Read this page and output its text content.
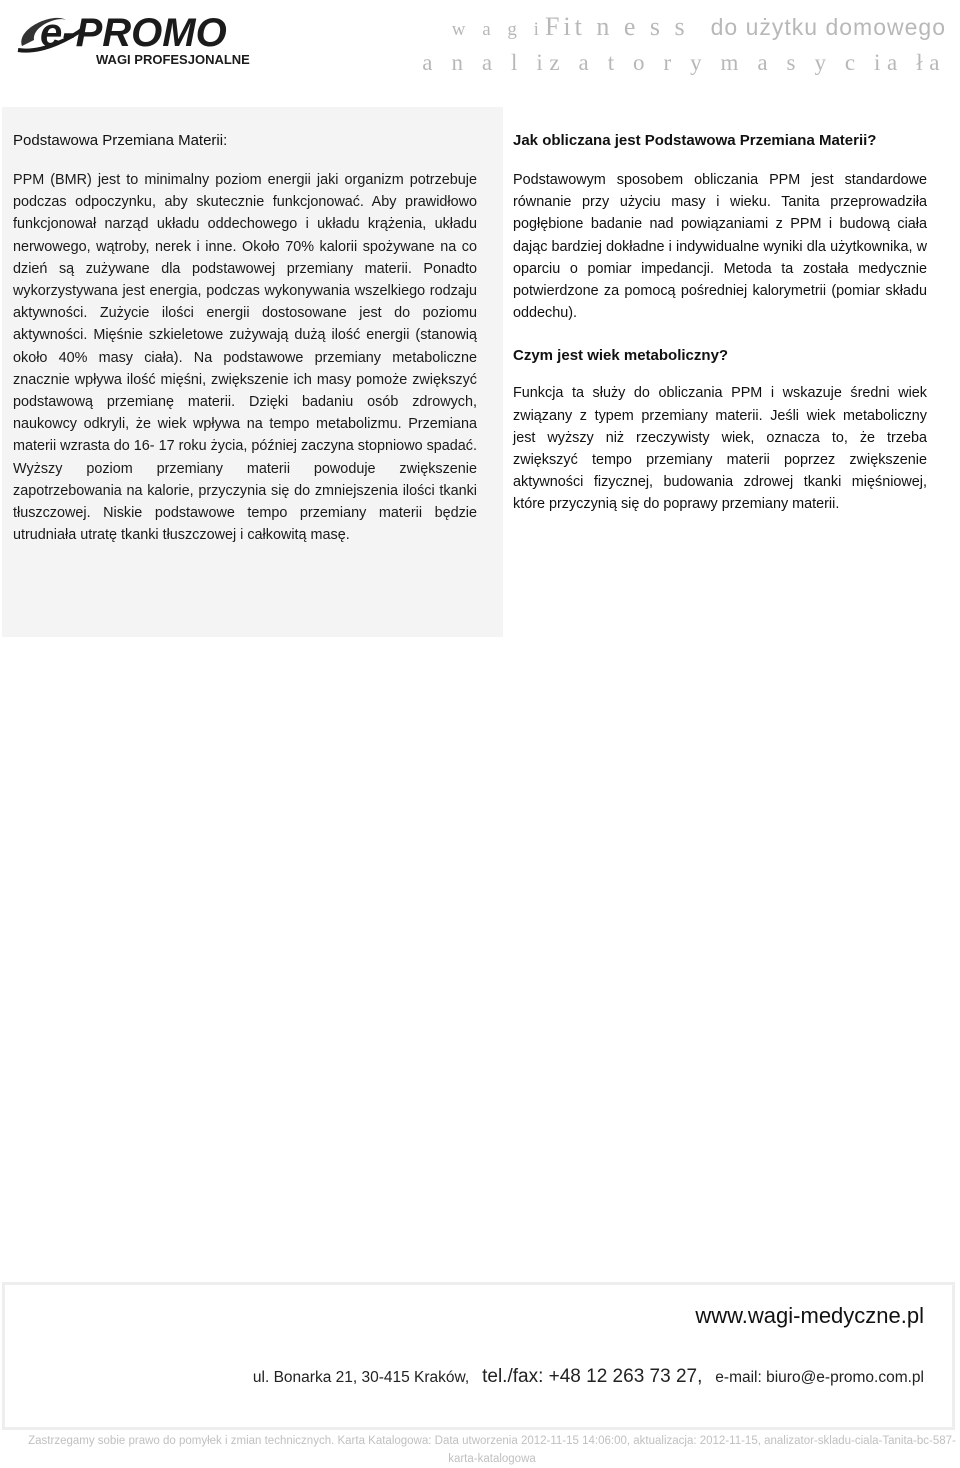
e-PROMO
WAGI PROFESJONALNE
w a g iFit n e s s do użytku domowego
a n a l iz a t o r y m a s y c ia ła
Podstawowa Przemiana Materii:

PPM (BMR) jest to minimalny poziom energii jaki organizm potrzebuje podczas odpoczynku, aby skutecznie funkcjonować. Aby prawidłowo funkcjonował narząd układu oddechowego i układu krążenia, układu nerwowego, wątroby, nerek i inne. Około 70% kalorii spożywane na co dzień są zużywane dla podstawowej przemiany materii. Ponadto wykorzystywana jest energia, podczas wykonywania wszelkiego rodzaju aktywności. Zużycie ilości energii dostosowane jest do poziomu aktywności. Mięśnie szkieletowe zużywają dużą ilość energii (stanowią około 40% masy ciała). Na podstawowe przemiany metaboliczne znacznie wpływa ilość mięśni, zwiększenie ich masy pomoże zwiększyć podstawową przemianę materii. Dzięki badaniu osób zdrowych, naukowcy odkryli, że wiek wpływa na tempo metabolizmu. Przemiana materii wzrasta do 16- 17 roku życia, później zaczyna stopniowo spadać. Wyższy poziom przemiany materii powoduje zwiększenie zapotrzebowania na kalorie, przyczynia się do zmniejszenia ilości tkanki tłuszczowej. Niskie podstawowe tempo przemiany materii będzie utrudniała utratę tkanki tłuszczowej i całkowitą masę.

Jak obliczana jest Podstawowa Przemiana Materii?

Podstawowym sposobem obliczania PPM jest standardowe równanie przy użyciu masy i wieku. Tanita przeprowadziła pogłębione badanie nad powiązaniami z PPM i budową ciała dając bardziej dokładne i indywidualne wyniki dla użytkownika, w oparciu o pomiar impedancji. Metoda ta została medycznie potwierdzone za pomocą pośredniej kalorymetrii (pomiar składu oddechu).

Czym jest wiek metaboliczny?

Funkcja ta służy do obliczania PPM i wskazuje średni wiek związany z typem przemiany materii. Jeśli wiek metaboliczny jest wyższy niż rzeczywisty wiek, oznacza to, że trzeba zwiększyć tempo przemiany materii poprzez zwiększenie aktywności fizycznej, budowania zdrowej tkanki mięśniowej, które przyczynią się do poprawy przemiany materii.

www.wagi-medyczne.pl
ul. Bonarka 21, 30-415 Kraków, tel./fax: +48 12 263 73 27, e-mail: biuro@e-promo.com.pl
Zastrzegamy sobie prawo do pomyłek i zmian technicznych. Karta Katalogowa: Data utworzenia 2012-11-15 14:06:00, aktualizacja: 2012-11-15, analizator-skladu-ciala-Tanita-bc-587-karta-katalogowa
